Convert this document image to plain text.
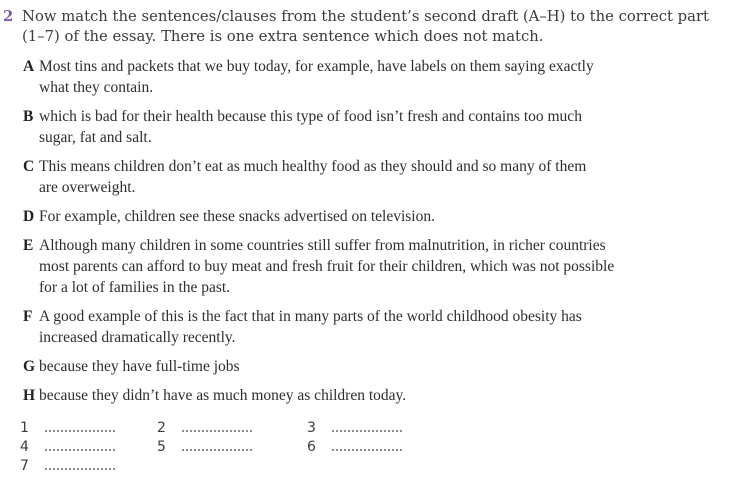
2 Now match the sentences/clauses from the student’s second draft (A–H) to the correct part
(1–7) of the essay. There is one extra sentence which does not match.
A Most tins and packets that we buy today, for example, have labels on them saying exactly
what they contain.
B which is bad for their health because this type of food isn’t fresh and contains too much
sugar, fat and salt.
C This means children don’t eat as much healthy food as they should and so many of them
are overweight.
D For example, children see these snacks advertised on television.
E Although many children in some countries still suffer from malnutrition, in richer countries
most parents can afford to buy meat and fresh fruit for their children, which was not possible
for a lot of families in the past.
F A good example of this is the fact that in many parts of the world childhood obesity has
increased dramatically recently.
G because they have full-time jobs
H because they didn’t have as much money as children today.
1	2	3
4	5	6
7
